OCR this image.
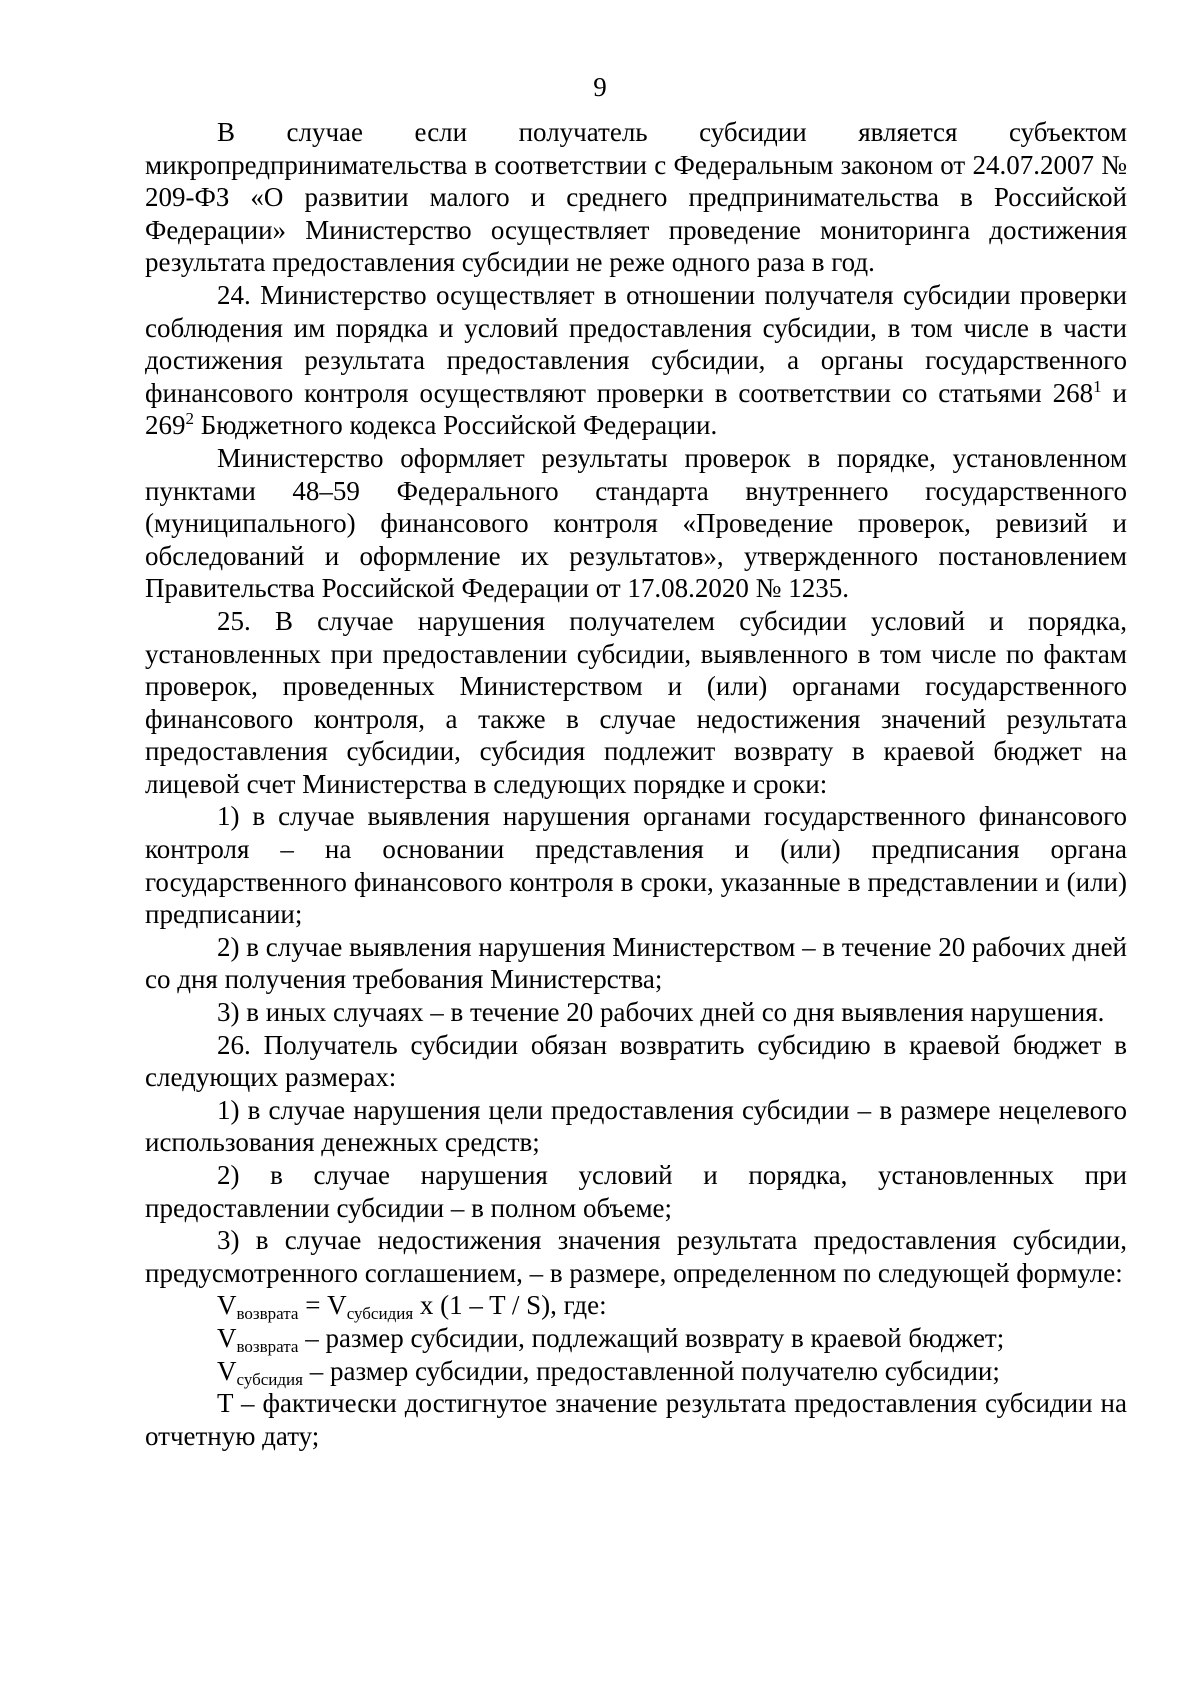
9

В случае если получатель субсидии является субъектом микропредпринимательства в соответствии с Федеральным законом от 24.07.2007 № 209-ФЗ «О развитии малого и среднего предпринимательства в Российской Федерации» Министерство осуществляет проведение мониторинга достижения результата предоставления субсидии не реже одного раза в год.

24. Министерство осуществляет в отношении получателя субсидии проверки соблюдения им порядка и условий предоставления субсидии, в том числе в части достижения результата предоставления субсидии, а органы государственного финансового контроля осуществляют проверки в соответствии со статьями $268^1$ и $269^2$ Бюджетного кодекса Российской Федерации.

Министерство оформляет результаты проверок в порядке, установленном пунктами 48–59 Федерального стандарта внутреннего государственного (муниципального) финансового контроля «Проведение проверок, ревизий и обследований и оформление их результатов», утвержденного постановлением Правительства Российской Федерации от 17.08.2020 № 1235.

25. В случае нарушения получателем субсидии условий и порядка, установленных при предоставлении субсидии, выявленного в том числе по фактам проверок, проведенных Министерством и (или) органами государственного финансового контроля, а также в случае недостижения значений результата предоставления субсидии, субсидия подлежит возврату в краевой бюджет на лицевой счет Министерства в следующих порядке и сроки:

1) в случае выявления нарушения органами государственного финансового контроля – на основании представления и (или) предписания органа государственного финансового контроля в сроки, указанные в представлении и (или) предписании;

2) в случае выявления нарушения Министерством – в течение 20 рабочих дней со дня получения требования Министерства;

3) в иных случаях – в течение 20 рабочих дней со дня выявления нарушения.

26. Получатель субсидии обязан возвратить субсидию в краевой бюджет в следующих размерах:

1) в случае нарушения цели предоставления субсидии – в размере нецелевого использования денежных средств;

2) в случае нарушения условий и порядка, установленных при предоставлении субсидии – в полном объеме;

3) в случае недостижения значения результата предоставления субсидии, предусмотренного соглашением, – в размере, определенном по следующей формуле:

$V_{возврата} = V_{субсидия}$ x (1 – T / S), где:

$V_{возврата}$ – размер субсидии, подлежащий возврату в краевой бюджет;

$V_{субсидия}$ – размер субсидии, предоставленной получателю субсидии;

T – фактически достигнутое значение результата предоставления субсидии на отчетную дату;
